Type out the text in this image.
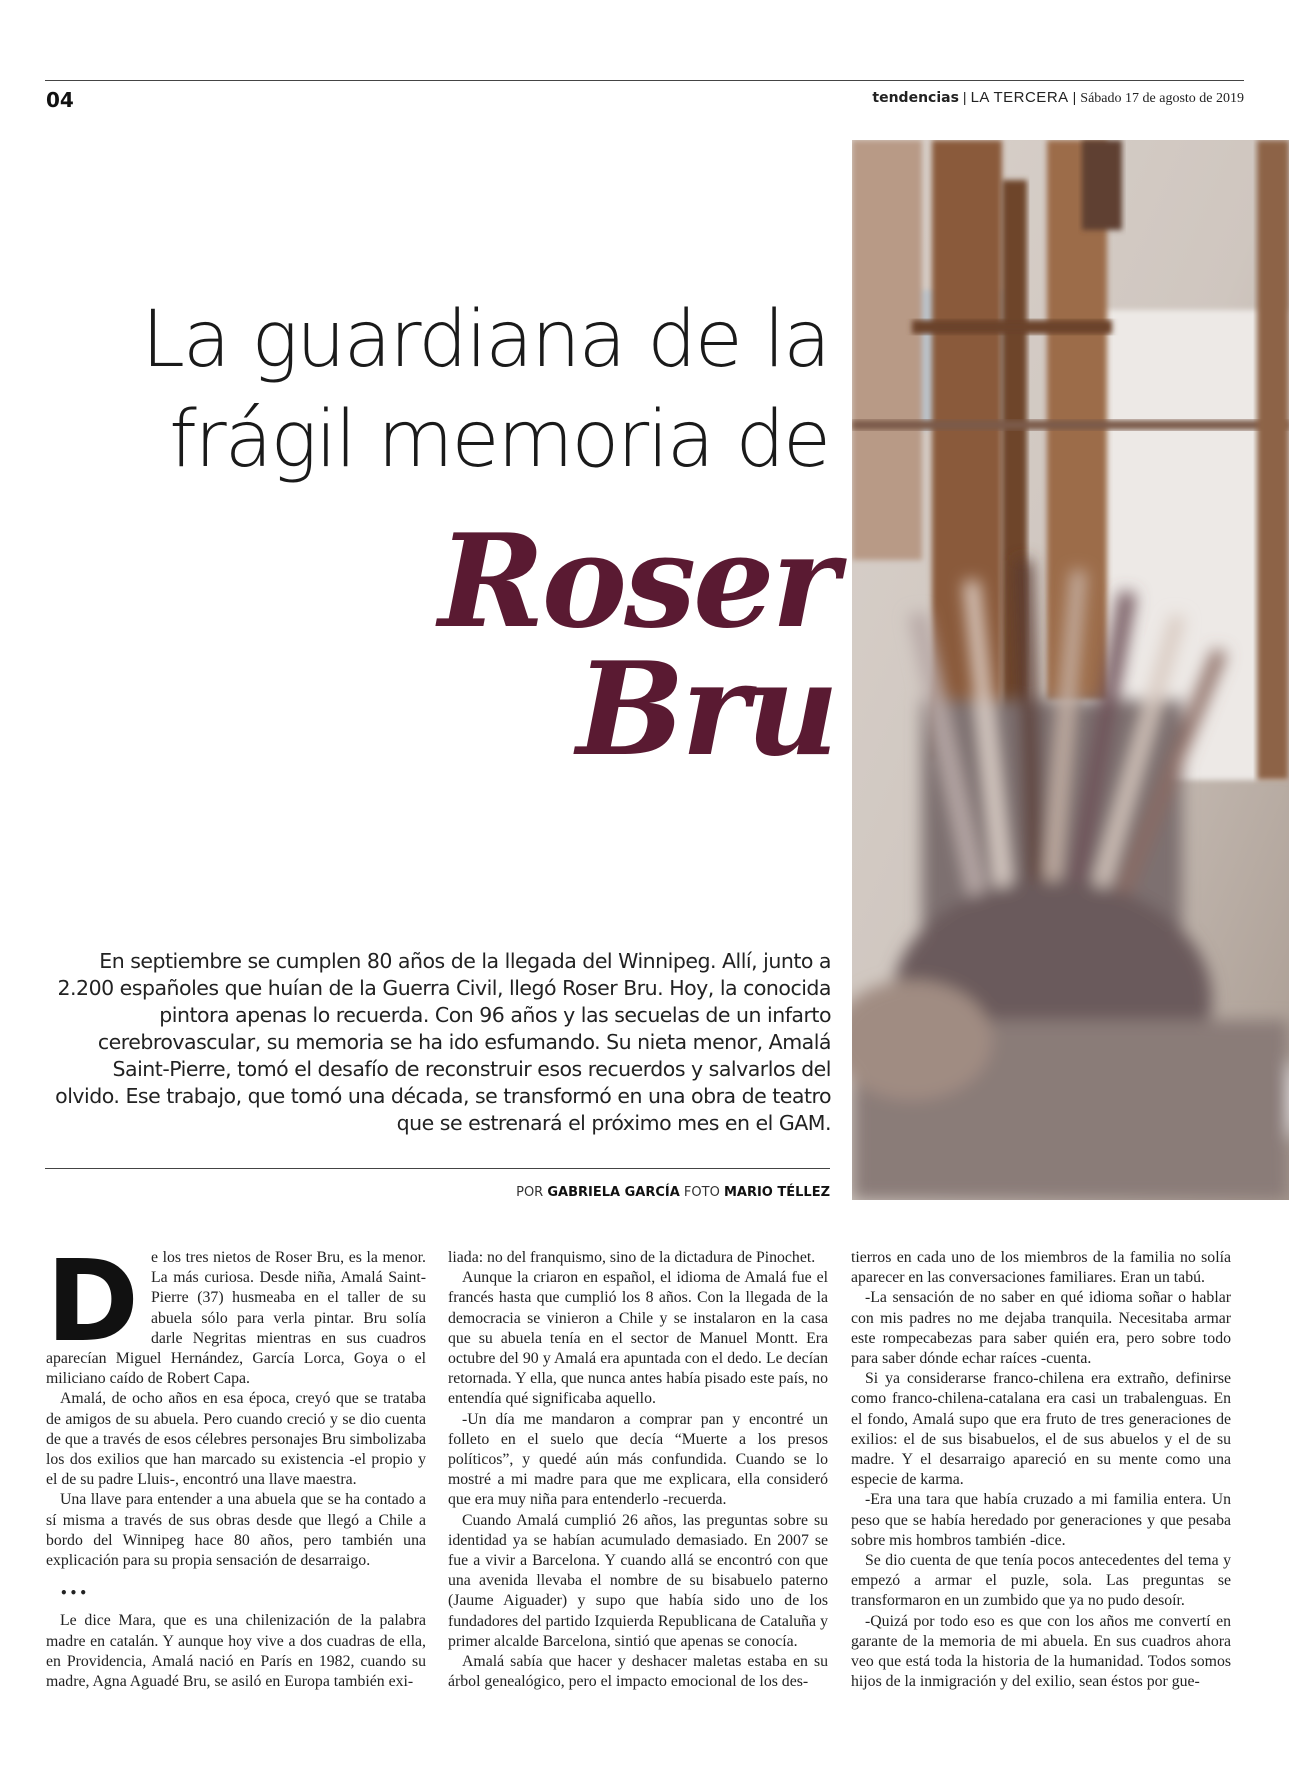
04	tendencias | LA TERCERA | Sábado 17 de agosto de 2019
La guardiana de la
frágil memoria de
Roser
Bru
En septiembre se cumplen 80 años de la llegada del Winnipeg. Allí, junto a 2.200 españoles que huían de la Guerra Civil, llegó Roser Bru. Hoy, la conocida pintora apenas lo recuerda. Con 96 años y las secuelas de un infarto cerebrovascular, su memoria se ha ido esfumando. Su nieta menor, Amalá Saint-Pierre, tomó el desafío de reconstruir esos recuerdos y salvarlos del olvido. Ese trabajo, que tomó una década, se transformó en una obra de teatro que se estrenará el próximo mes en el GAM.
POR GABRIELA GARCÍA FOTO MARIO TÉLLEZ

De los tres nietos de Roser Bru, es la menor. La más curiosa. Desde niña, Amalá Saint-Pierre (37) husmeaba en el taller de su abuela sólo para verla pintar. Bru solía darle Negritas mientras en sus cuadros aparecían Miguel Hernández, García Lorca, Goya o el miliciano caído de Robert Capa.

Amalá, de ocho años en esa época, creyó que se trataba de amigos de su abuela. Pero cuando creció y se dio cuenta de que a través de esos célebres personajes Bru simbolizaba los dos exilios que han marcado su existencia -el propio y el de su padre Lluis-, encontró una llave maestra.

Una llave para entender a una abuela que se ha contado a sí misma a través de sus obras desde que llegó a Chile a bordo del Winnipeg hace 80 años, pero también una explicación para su propia sensación de desarraigo.

•••

Le dice Mara, que es una chilenización de la palabra madre en catalán. Y aunque hoy vive a dos cuadras de ella, en Providencia, Amalá nació en París en 1982, cuando su madre, Agna Aguadé Bru, se asiló en Europa también exi-

liada: no del franquismo, sino de la dictadura de Pinochet.

Aunque la criaron en español, el idioma de Amalá fue el francés hasta que cumplió los 8 años. Con la llegada de la democracia se vinieron a Chile y se instalaron en la casa que su abuela tenía en el sector de Manuel Montt. Era octubre del 90 y Amalá era apuntada con el dedo. Le decían retornada. Y ella, que nunca antes había pisado este país, no entendía qué significaba aquello.

-Un día me mandaron a comprar pan y encontré un folleto en el suelo que decía “Muerte a los presos políticos”, y quedé aún más confundida. Cuando se lo mostré a mi madre para que me explicara, ella consideró que era muy niña para entenderlo -recuerda.

Cuando Amalá cumplió 26 años, las preguntas sobre su identidad ya se habían acumulado demasiado. En 2007 se fue a vivir a Barcelona. Y cuando allá se encontró con que una avenida llevaba el nombre de su bisabuelo paterno (Jaume Aiguader) y supo que había sido uno de los fundadores del partido Izquierda Republicana de Cataluña y primer alcalde Barcelona, sintió que apenas se conocía.

Amalá sabía que hacer y deshacer maletas estaba en su árbol genealógico, pero el impacto emocional de los des-

tierros en cada uno de los miembros de la familia no solía aparecer en las conversaciones familiares. Eran un tabú.

-La sensación de no saber en qué idioma soñar o hablar con mis padres no me dejaba tranquila. Necesitaba armar este rompecabezas para saber quién era, pero sobre todo para saber dónde echar raíces -cuenta.

Si ya considerarse franco-chilena era extraño, definirse como franco-chilena-catalana era casi un trabalenguas. En el fondo, Amalá supo que era fruto de tres generaciones de exilios: el de sus bisabuelos, el de sus abuelos y el de su madre. Y el desarraigo apareció en su mente como una especie de karma.

-Era una tara que había cruzado a mi familia entera. Un peso que se había heredado por generaciones y que pesaba sobre mis hombros también -dice.

Se dio cuenta de que tenía pocos antecedentes del tema y empezó a armar el puzle, sola. Las preguntas se transformaron en un zumbido que ya no pudo desoír.

-Quizá por todo eso es que con los años me convertí en garante de la memoria de mi abuela. En sus cuadros ahora veo que está toda la historia de la humanidad. Todos somos hijos de la inmigración y del exilio, sean éstos por gue-
